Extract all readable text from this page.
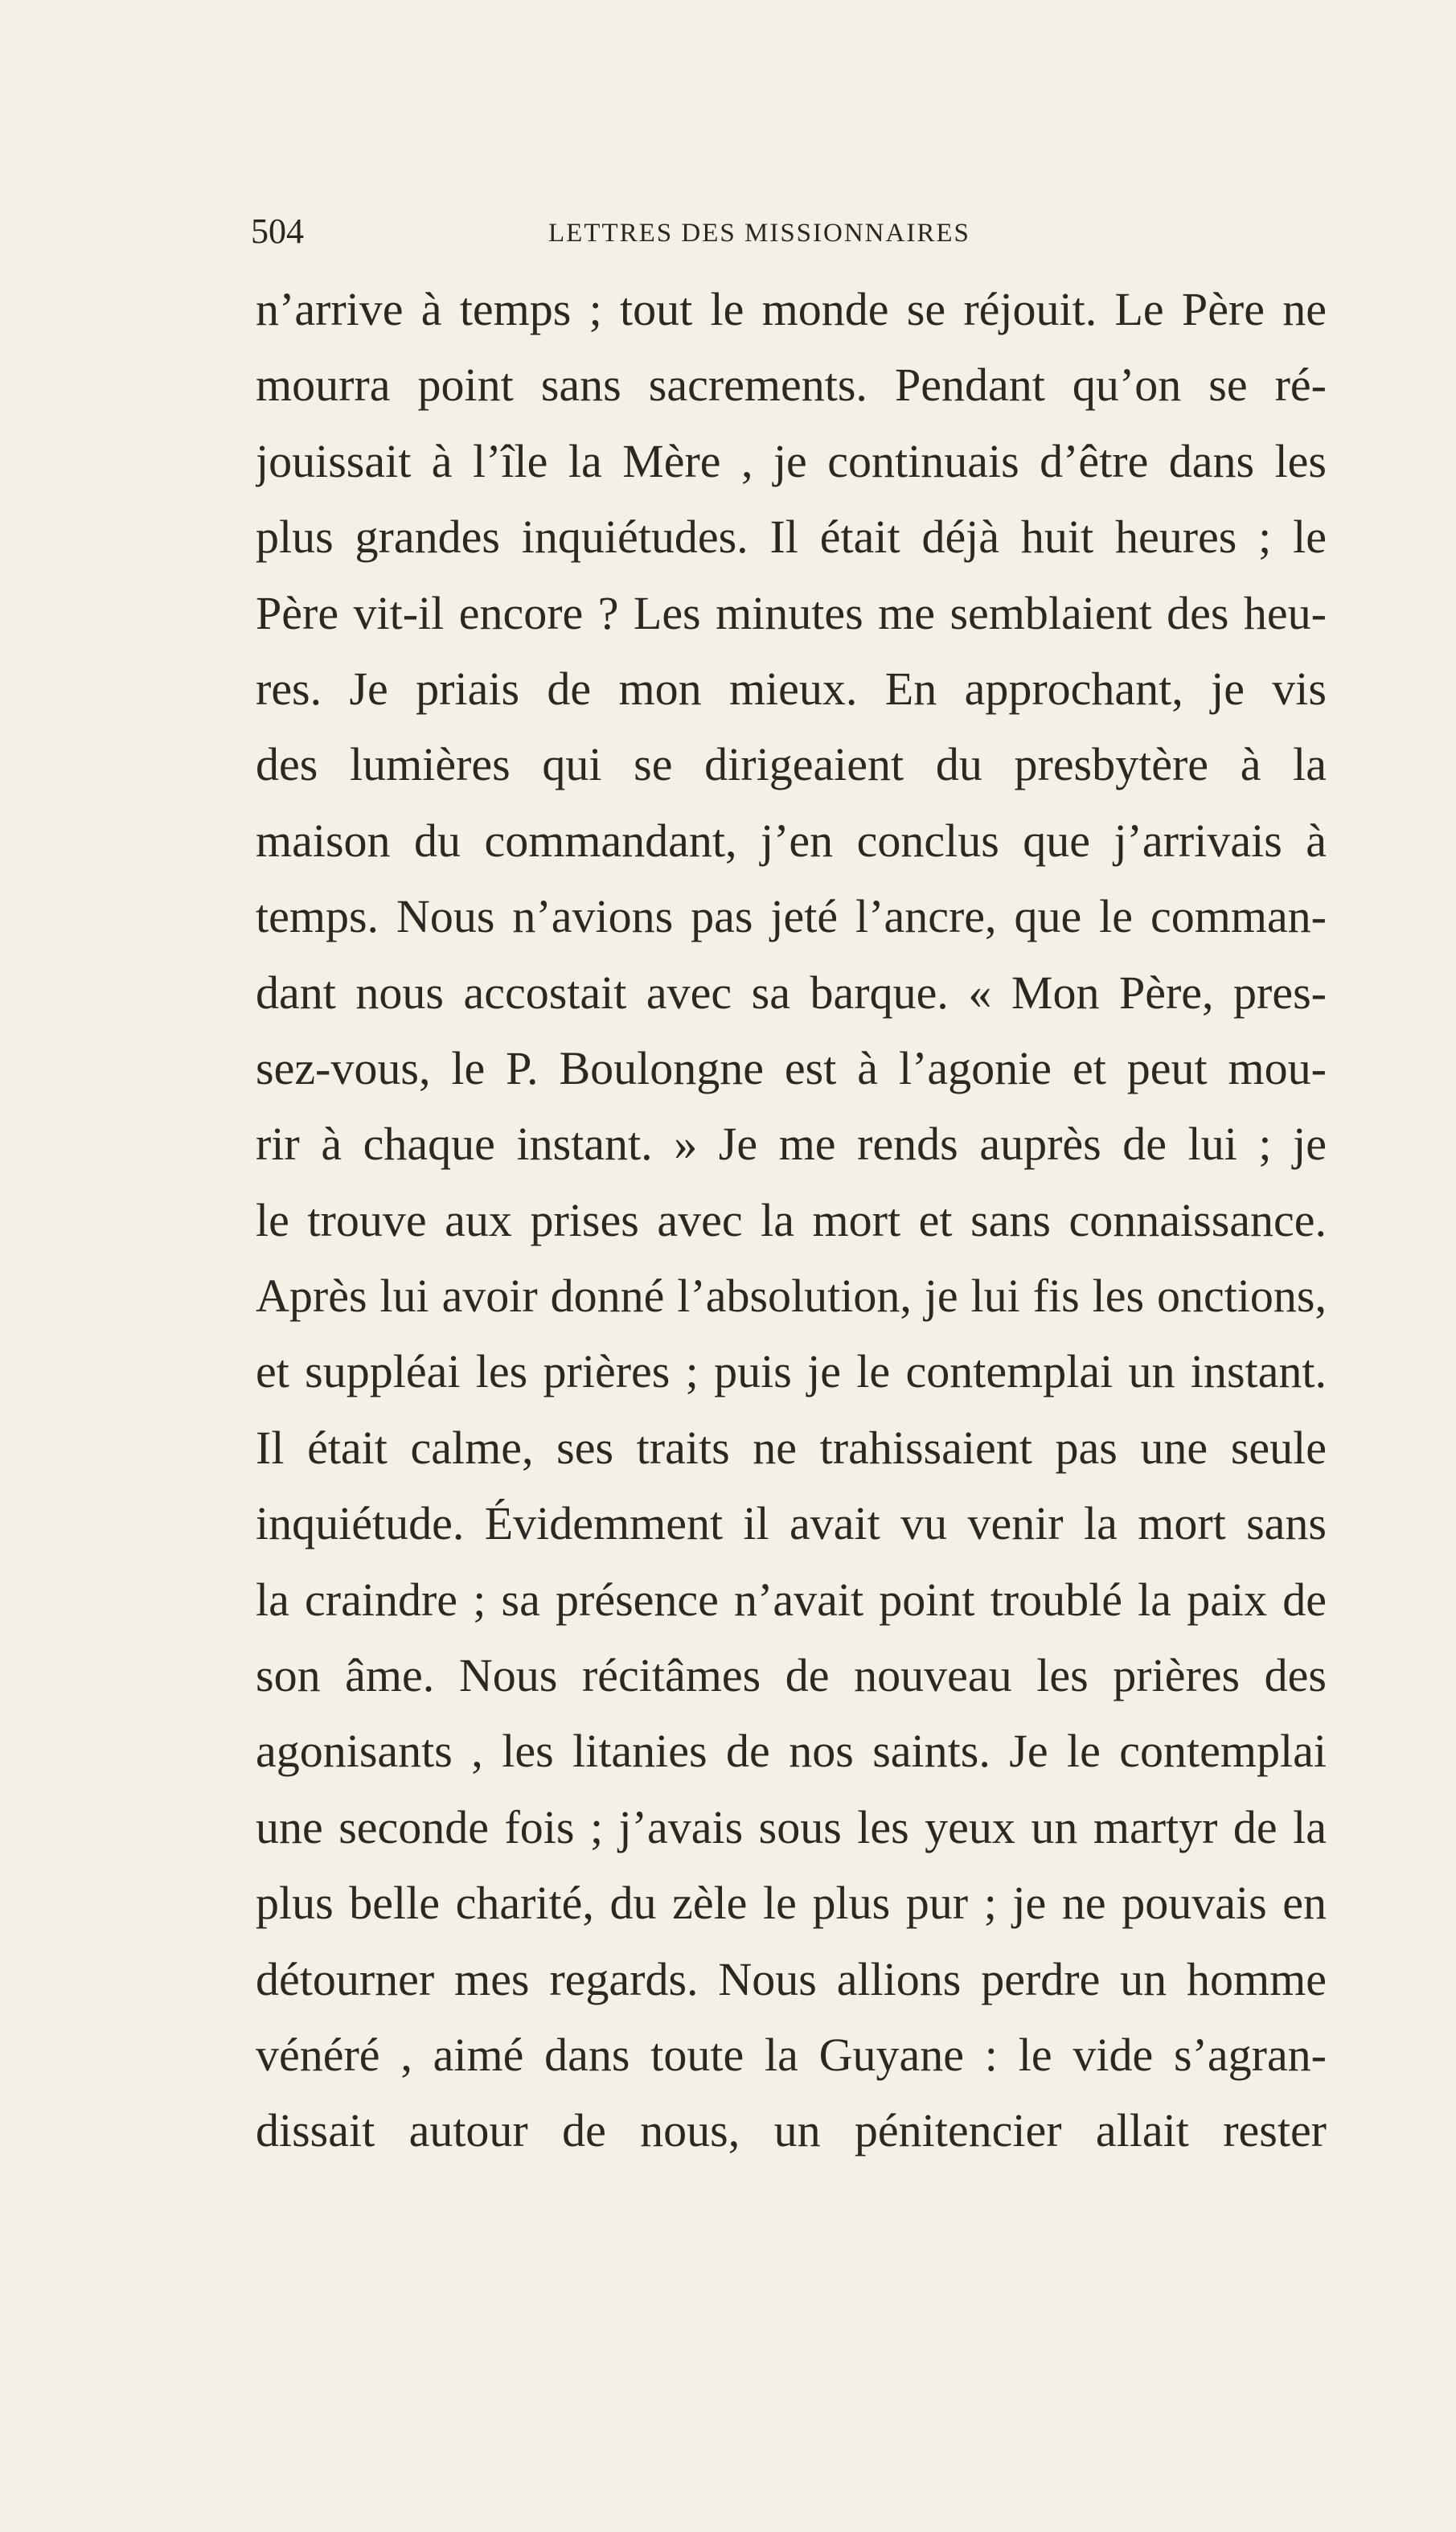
504	LETTRES DES MISSIONNAIRES
n’arrive à temps ; tout le monde se réjouit. Le Père ne
mourra point sans sacrements. Pendant qu’on se ré-
jouissait à l’île la Mère , je continuais d’être dans les
plus grandes inquiétudes. Il était déjà huit heures ; le
Père vit-il encore ? Les minutes me semblaient des heu-
res. Je priais de mon mieux. En approchant, je vis
des lumières qui se dirigeaient du presbytère à la
maison du commandant, j’en conclus que j’arrivais à
temps. Nous n’avions pas jeté l’ancre, que le comman-
dant nous accostait avec sa barque. « Mon Père, pres-
sez-vous, le P. Boulongne est à l’agonie et peut mou-
rir à chaque instant. » Je me rends auprès de lui ; je
le trouve aux prises avec la mort et sans connaissance.
Après lui avoir donné l’absolution, je lui fis les onctions,
et suppléai les prières ; puis je le contemplai un instant.
Il était calme, ses traits ne trahissaient pas une seule
inquiétude. Évidemment il avait vu venir la mort sans
la craindre ; sa présence n’avait point troublé la paix de
son âme. Nous récitâmes de nouveau les prières des
agonisants , les litanies de nos saints. Je le contemplai
une seconde fois ; j’avais sous les yeux un martyr de la
plus belle charité, du zèle le plus pur ; je ne pouvais en
détourner mes regards. Nous allions perdre un homme
vénéré , aimé dans toute la Guyane : le vide s’agran-
dissait autour de nous, un pénitencier allait rester
